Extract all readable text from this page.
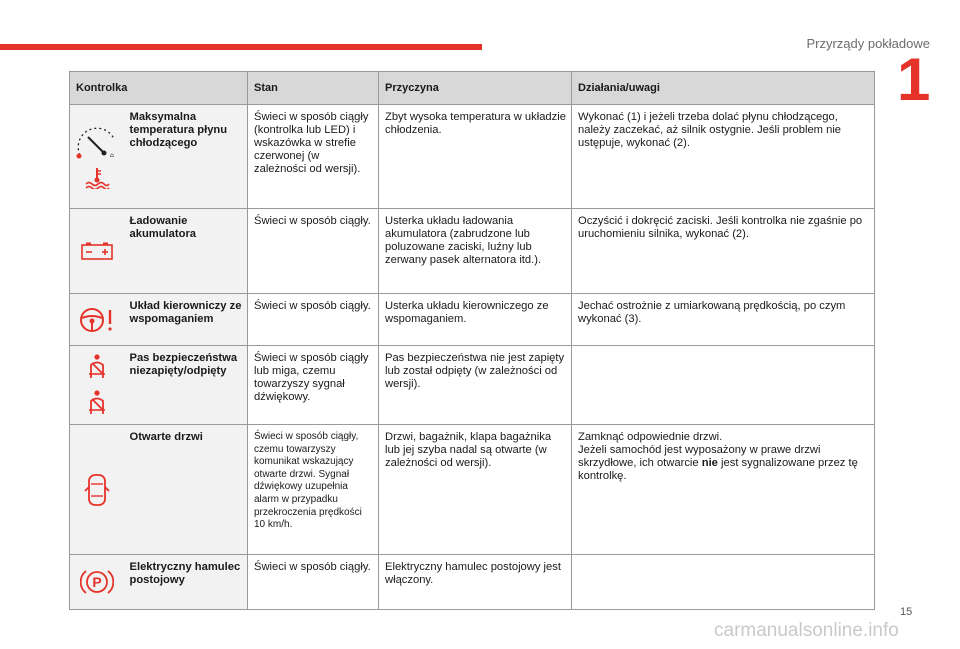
Przyrządy pokładowe
1
Kontrolka		Stan	Przyczyna	Działania/uwagi

⌂	Maksymalna temperatura płynu chłodzącego	Świeci w sposób ciągły (kontrolka lub LED) i wskazówka w strefie czerwonej (w zależności od wersji).	Zbyt wysoka temperatura w układzie chłodzenia.	Wykonać (1) i jeżeli trzeba dolać płynu chłodzącego, należy zaczekać, aż silnik ostygnie. Jeśli problem nie ustępuje, wykonać (2).

	Ładowanie akumulatora	Świeci w sposób ciągły.	Usterka układu ładowania akumulatora (zabrudzone lub poluzowane zaciski, luźny lub zerwany pasek alternatora itd.).	Oczyścić i dokręcić zaciski. Jeśli kontrolka nie zgaśnie po uruchomieniu silnika, wykonać (2).

	Układ kierowniczy ze wspomaganiem	Świeci w sposób ciągły.	Usterka układu kierowniczego ze wspomaganiem.	Jechać ostrożnie z umiarkowaną prędkością, po czym wykonać (3).

	Pas bezpieczeństwa niezapięty/odpięty	Świeci w sposób ciągły lub miga, czemu towarzyszy sygnał dźwiękowy.	Pas bezpieczeństwa nie jest zapięty lub został odpięty (w zależności od wersji).	

	Otwarte drzwi	Świeci w sposób ciągły, czemu towarzyszy komunikat wskazujący otwarte drzwi. Sygnał dźwiękowy uzupełnia alarm w przypadku przekroczenia prędkości 10 km/h.	Drzwi, bagażnik, klapa bagażnika lub jej szyba nadal są otwarte (w zależności od wersji).	Zamknąć odpowiednie drzwi.
Jeżeli samochód jest wyposażony w prawe drzwi skrzydłowe, ich otwarcie nie jest sygnalizowane przez tę kontrolkę.

P	Elektryczny hamulec postojowy	Świeci w sposób ciągły.	Elektryczny hamulec postojowy jest włączony.	
15
carmanualsonline.info
